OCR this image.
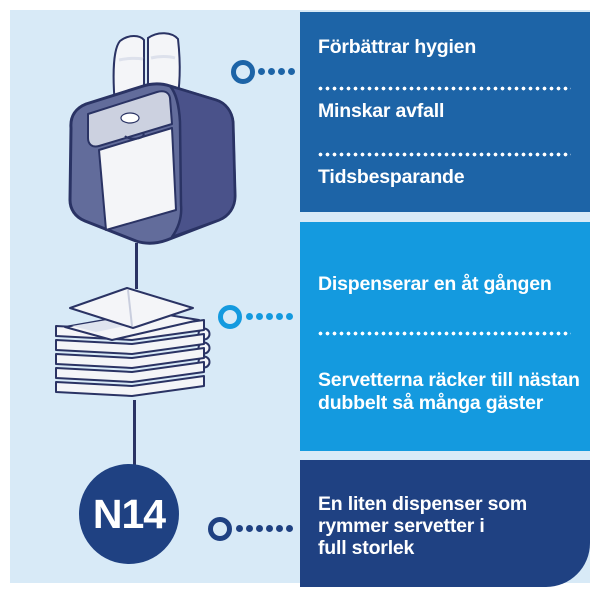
N14
Förbättrar hygien
Minskar avfall
Tidsbesparande
Dispenserar en åt gången
Servetterna räcker till nästan
dubbelt så många gäster
En liten dispenser som
rymmer servetter i
full storlek
